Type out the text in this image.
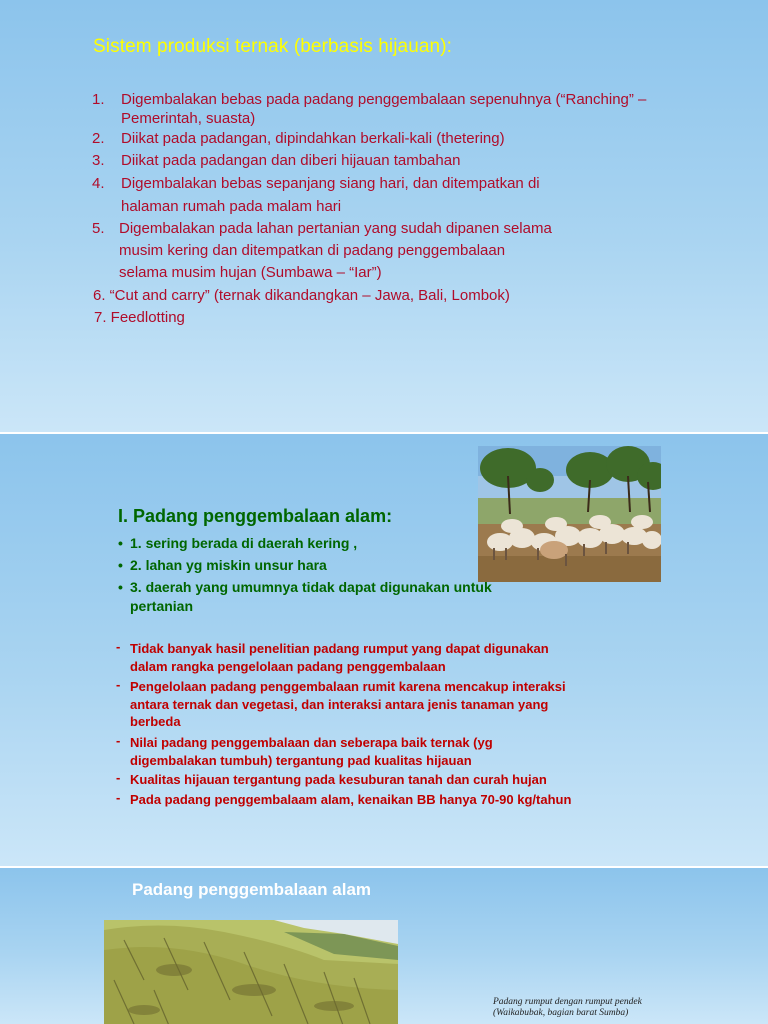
Sistem produksi ternak (berbasis hijauan):
1. Digembalakan bebas pada padang penggembalaan sepenuhnya (“Ranching” –
Pemerintah, suasta)
2. Diikat pada padangan, dipindahkan berkali-kali (thetering)
3. Diikat pada padangan dan diberi hijauan tambahan
4. Digembalakan bebas sepanjang siang hari, dan ditempatkan di
halaman rumah pada malam hari
5. Digembalakan pada lahan pertanian yang sudah dipanen selama
musim kering dan ditempatkan di padang penggembalaan
selama musim hujan (Sumbawa – “Iar”)
6. “Cut and carry” (ternak dikandangkan – Jawa, Bali, Lombok)
7. Feedlotting
I. Padang penggembalaan alam:
• 1. sering berada di daerah kering ,
• 2. lahan yg miskin unsur hara
• 3. daerah yang umumnya tidak dapat digunakan untuk
pertanian
- Tidak banyak hasil penelitian padang rumput yang dapat digunakan
dalam rangka pengelolaan padang penggembalaan
- Pengelolaan padang penggembalaan rumit karena mencakup interaksi
antara ternak dan vegetasi, dan interaksi antara jenis tanaman yang
berbeda
- Nilai padang penggembalaan dan seberapa baik ternak (yg
digembalakan tumbuh) tergantung pad kualitas hijauan
- Kualitas hijauan tergantung pada kesuburan tanah dan curah hujan
- Pada padang penggembalaam alam, kenaikan BB hanya 70-90 kg/tahun
Padang penggembalaan alam
Padang rumput dengan rumput pendek
(Waikabubak, bagian barat Sumba)
